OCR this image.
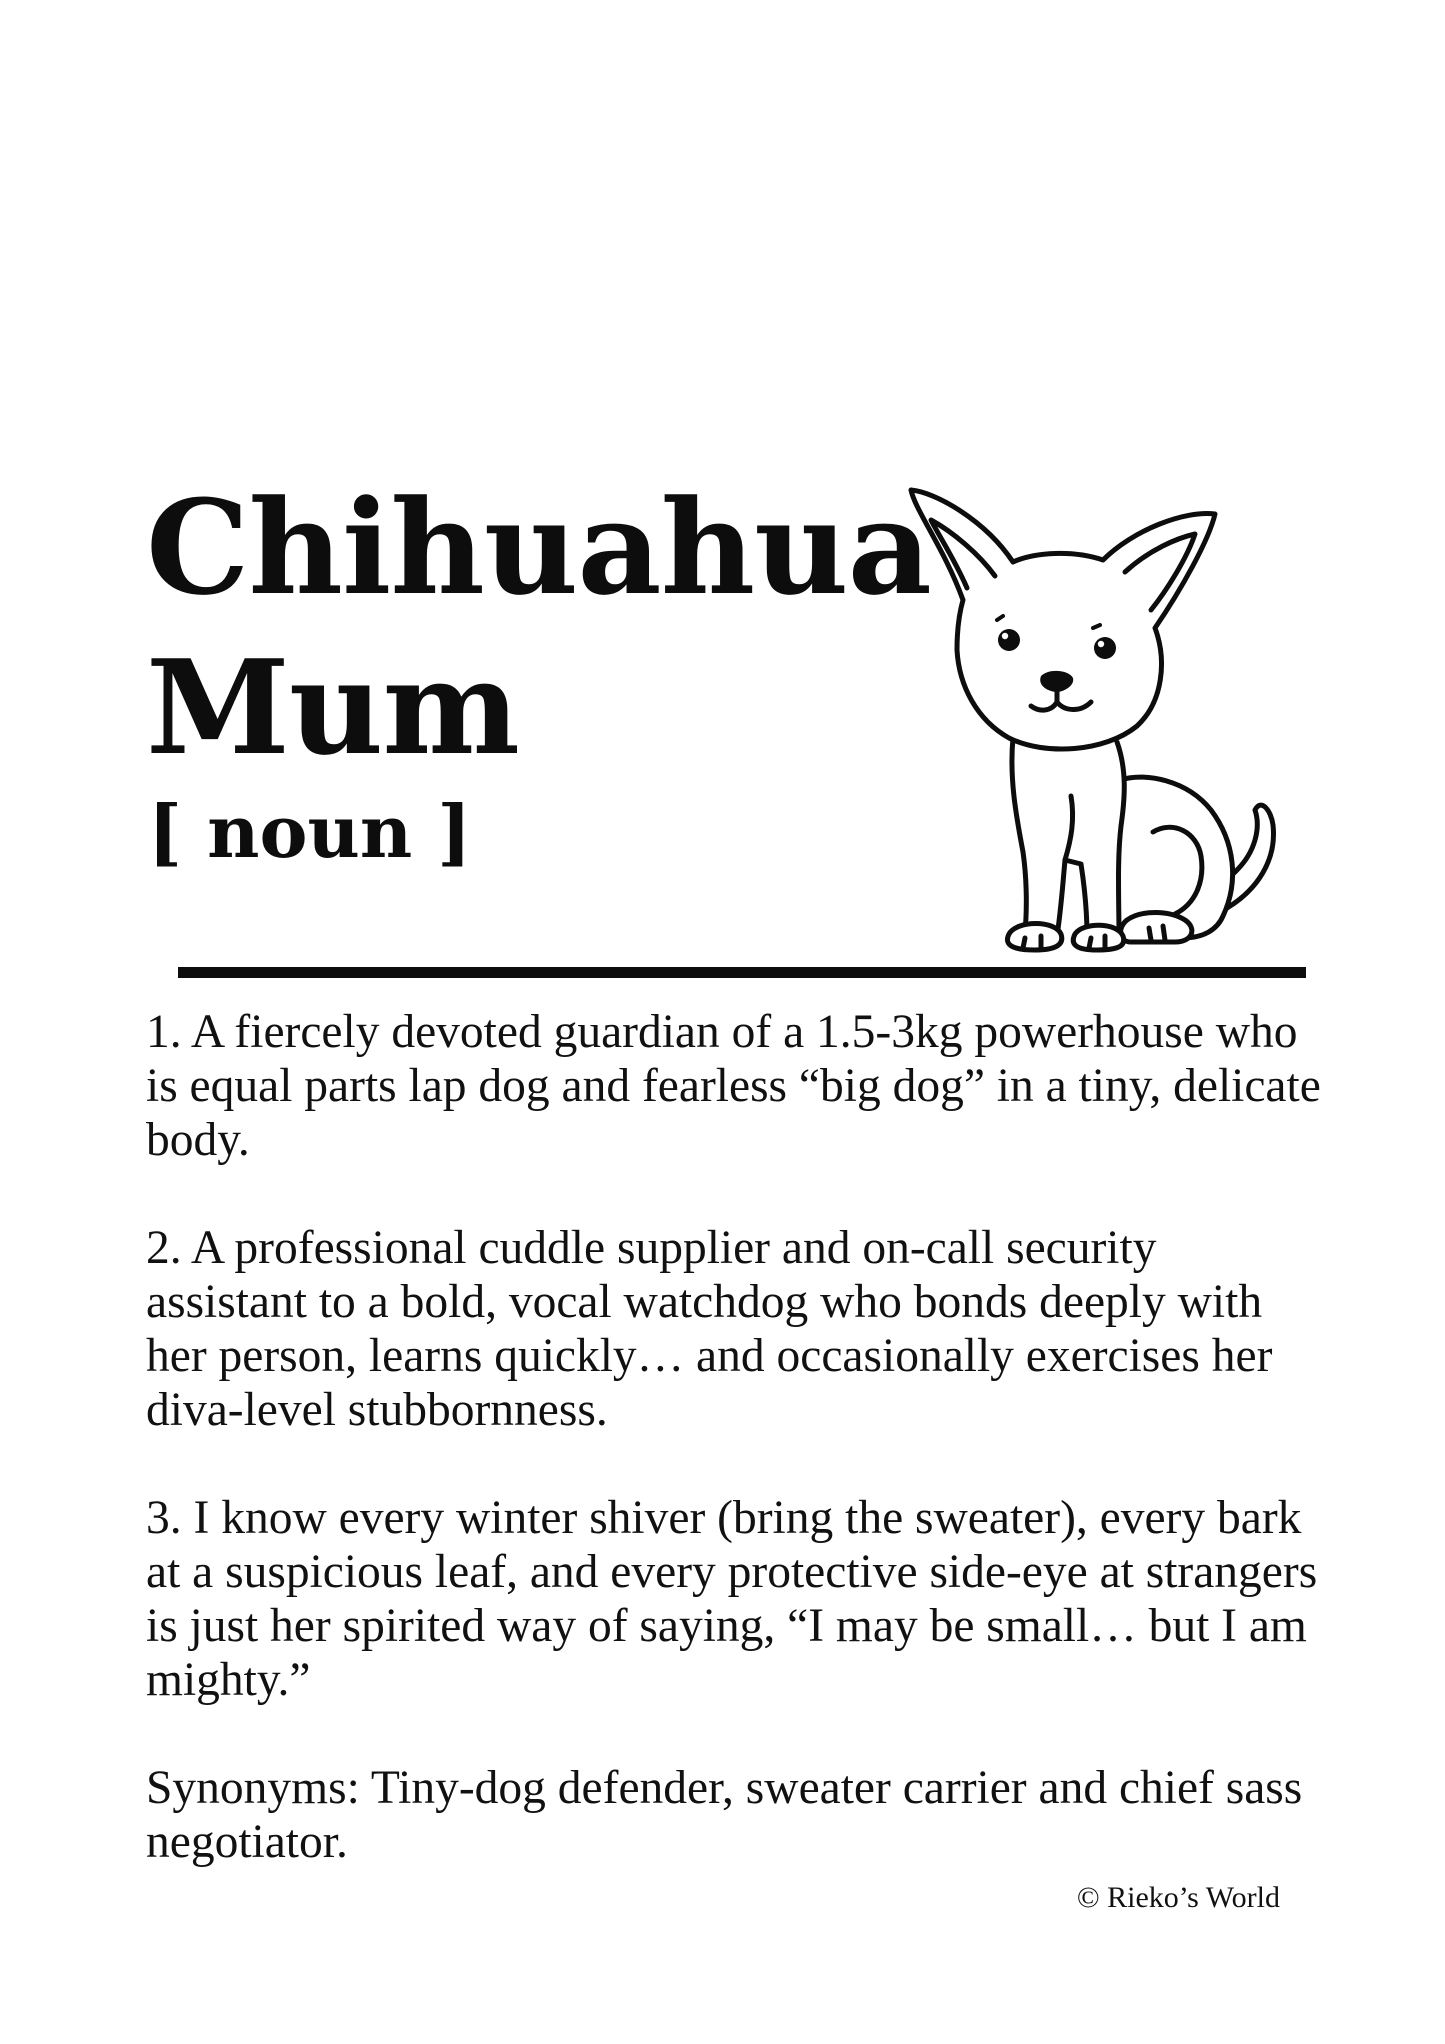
Chihuahua
Mum
[ noun ]

1. A fiercely devoted guardian of a 1.5-3kg powerhouse who is equal parts lap dog and fearless “big dog” in a tiny, delicate body.

2. A professional cuddle supplier and on-call security assistant to a bold, vocal watchdog who bonds deeply with her person, learns quickly… and occasionally exercises her diva-level stubbornness.

3. I know every winter shiver (bring the sweater), every bark at a suspicious leaf, and every protective side-eye at strangers is just her spirited way of saying, “I may be small… but I am mighty.”

Synonyms: Tiny-dog defender, sweater carrier and chief sass negotiator.

© Rieko’s World
